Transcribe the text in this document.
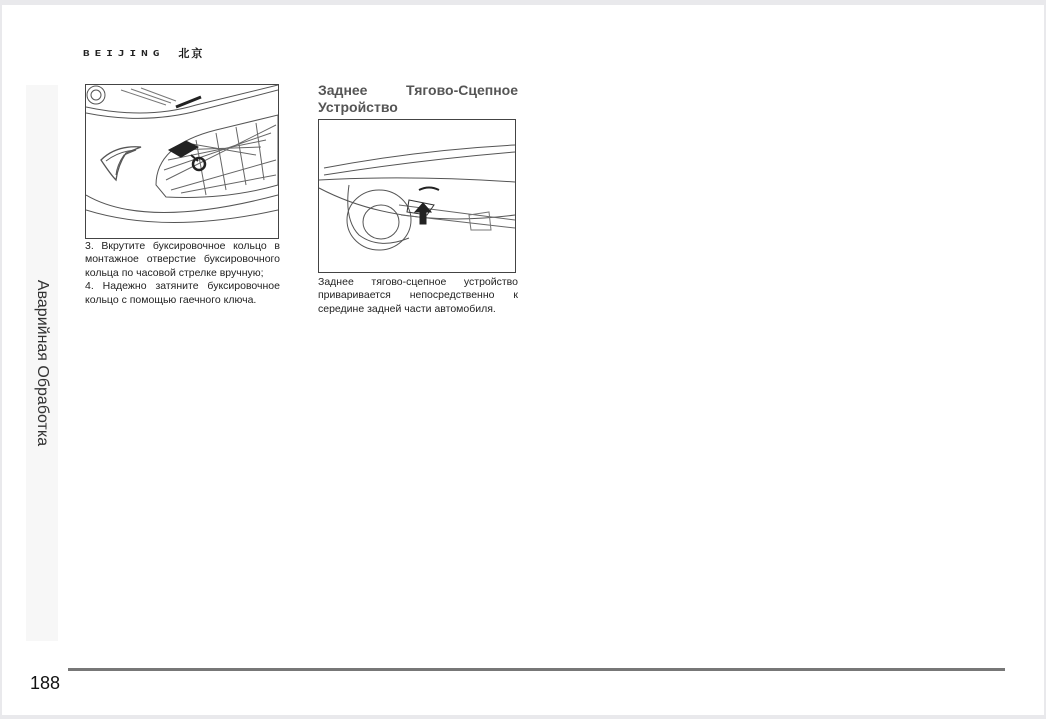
Аварийная Обработка
BEIJING 北京

3. Вкрутите буксировочное кольцо в монтажное отверстие буксировочного кольца по часовой стрелке вручную;

4. Надежно затяните буксировочное кольцо с помощью гаечного ключа.

Заднее	Тягово-Сцепное
Устройство
Заднее тягово-сцепное устройство приваривается непосредственно к середине задней части автомобиля.
188
